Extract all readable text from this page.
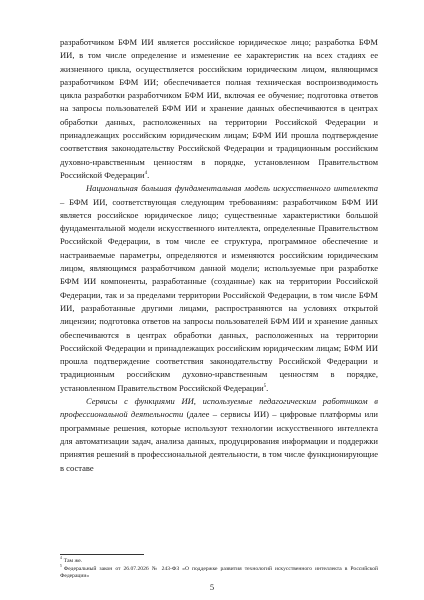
разработчиком БФМ ИИ является российское юридическое лицо; разработка БФМ ИИ, в том числе определение и изменение ее характеристик на всех стадиях ее жизненного цикла, осуществляется российским юридическим лицом, являющимся разработчиком БФМ ИИ; обеспечивается полная техническая воспроизводимость цикла разработки разработчиком БФМ ИИ, включая ее обучение; подготовка ответов на запросы пользователей БФМ ИИ и хранение данных обеспечиваются в центрах обработки данных, расположенных на территории Российской Федерации и принадлежащих российским юридическим лицам; БФМ ИИ прошла подтверждение соответствия законодательству Российской Федерации и традиционным российским духовно-нравственным ценностям в порядке, установленном Правительством Российской Федерации$^4$.

Национальная большая фундаментальная модель искусственного интеллекта – БФМ ИИ, соответствующая следующим требованиям: разработчиком БФМ ИИ является российское юридическое лицо; существенные характеристики большой фундаментальной модели искусственного интеллекта, определенные Правительством Российской Федерации, в том числе ее структура, программное обеспечение и настраиваемые параметры, определяются и изменяются российским юридическим лицом, являющимся разработчиком данной модели; используемые при разработке БФМ ИИ компоненты, разработанные (созданные) как на территории Российской Федерации, так и за пределами территории Российской Федерации, в том числе БФМ ИИ, разработанные другими лицами, распространяются на условиях открытой лицензии; подготовка ответов на запросы пользователей БФМ ИИ и хранение данных обеспечиваются в центрах обработки данных, расположенных на территории Российской Федерации и принадлежащих российским юридическим лицам; БФМ ИИ прошла подтверждение соответствия законодательству Российской Федерации и традиционным российским духовно-нравственным ценностям в порядке, установленном Правительством Российской Федерации$^5$.

Сервисы с функциями ИИ, используемые педагогическим работником в профессиональной деятельности (далее – сервисы ИИ) – цифровые платформы или программные решения, которые используют технологии искусственного интеллекта для автоматизации задач, анализа данных, продуцирования информации и поддержки принятия решений в профессиональной деятельности, в том числе функционирующие в составе

$^4$ Там же.

$^5$ Федеральный закон от 26.07.2026 № 243-ФЗ «О поддержке развития технологий искусственного интеллекта в Российской Федерации»

5
